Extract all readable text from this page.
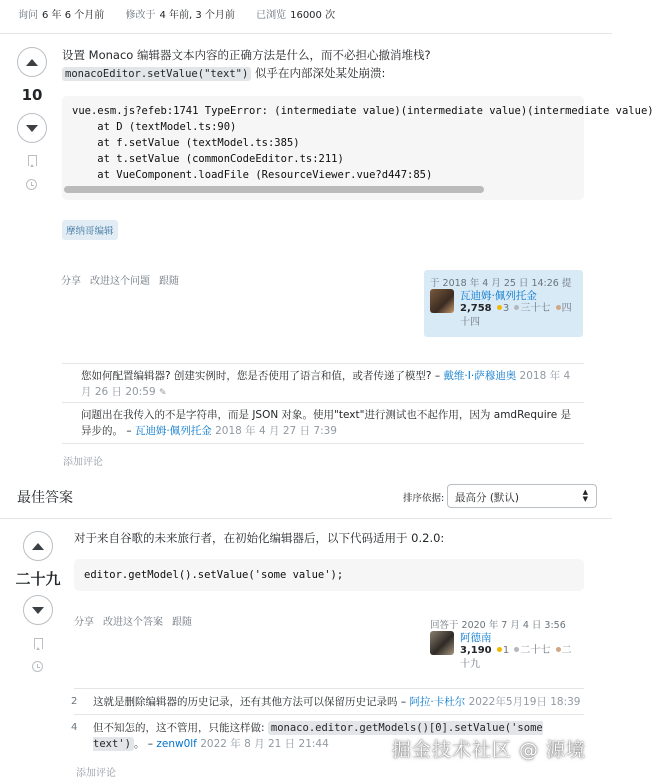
询问 6 年 6 个月前 修改于 4 年前, 3 个月前 已浏览 16000 次
10
设置 Monaco 编辑器文本内容的正确方法是什么，而不必担心撤消堆栈?
monacoEditor.setValue("text") 似乎在内部深处某处崩溃:
vue.esm.js?efeb:1741 TypeError: (intermediate value)(intermediate value)(intermediate value)
at D (textModel.ts:90)
at f.setValue (textModel.ts:385)
at t.setValue (commonCodeEditor.ts:211)
at VueComponent.loadFile (ResourceViewer.vue?d447:85)
摩纳哥编辑
分享 改进这个问题 跟随	于 2018 年 4 月 25 日 14:26 提
瓦迪姆·佩列托金
2,758 3 三十七 四十四
您如何配置编辑器? 创建实例时，您是否使用了语言和值，或者传递了模型? – 戴维·I·萨穆迪奥 2018 年 4 月 26 日 20:59 ✎
问题出在我传入的不是字符串，而是 JSON 对象。使用"text"进行测试也不起作用，因为 amdRequire 是异步的。 – 瓦迪姆·佩列托金 2018 年 4 月 27 日 7:39
添加评论
最佳答案	排序依据:	最高分 (默认)	▲
▼
二十九
对于来自谷歌的未来旅行者，在初始化编辑器后，以下代码适用于 0.2.0:
editor.getModel().setValue('some value');
分享 改进这个答案 跟随	回答于 2020 年 7 月 4 日 3:56
阿德南
3,190 1 二十七 二十九
2 这就是删除编辑器的历史记录，还有其他方法可以保留历史记录吗 – 阿拉·卡杜尔 2022年5月19日 18:39
4 但不知怎的，这不管用，只能这样做: monaco.editor.getModels()[0].setValue('some text') 。 – zenw0lf 2022 年 8 月 21 日 21:44
添加评论
掘金技术社区 @ 源境
